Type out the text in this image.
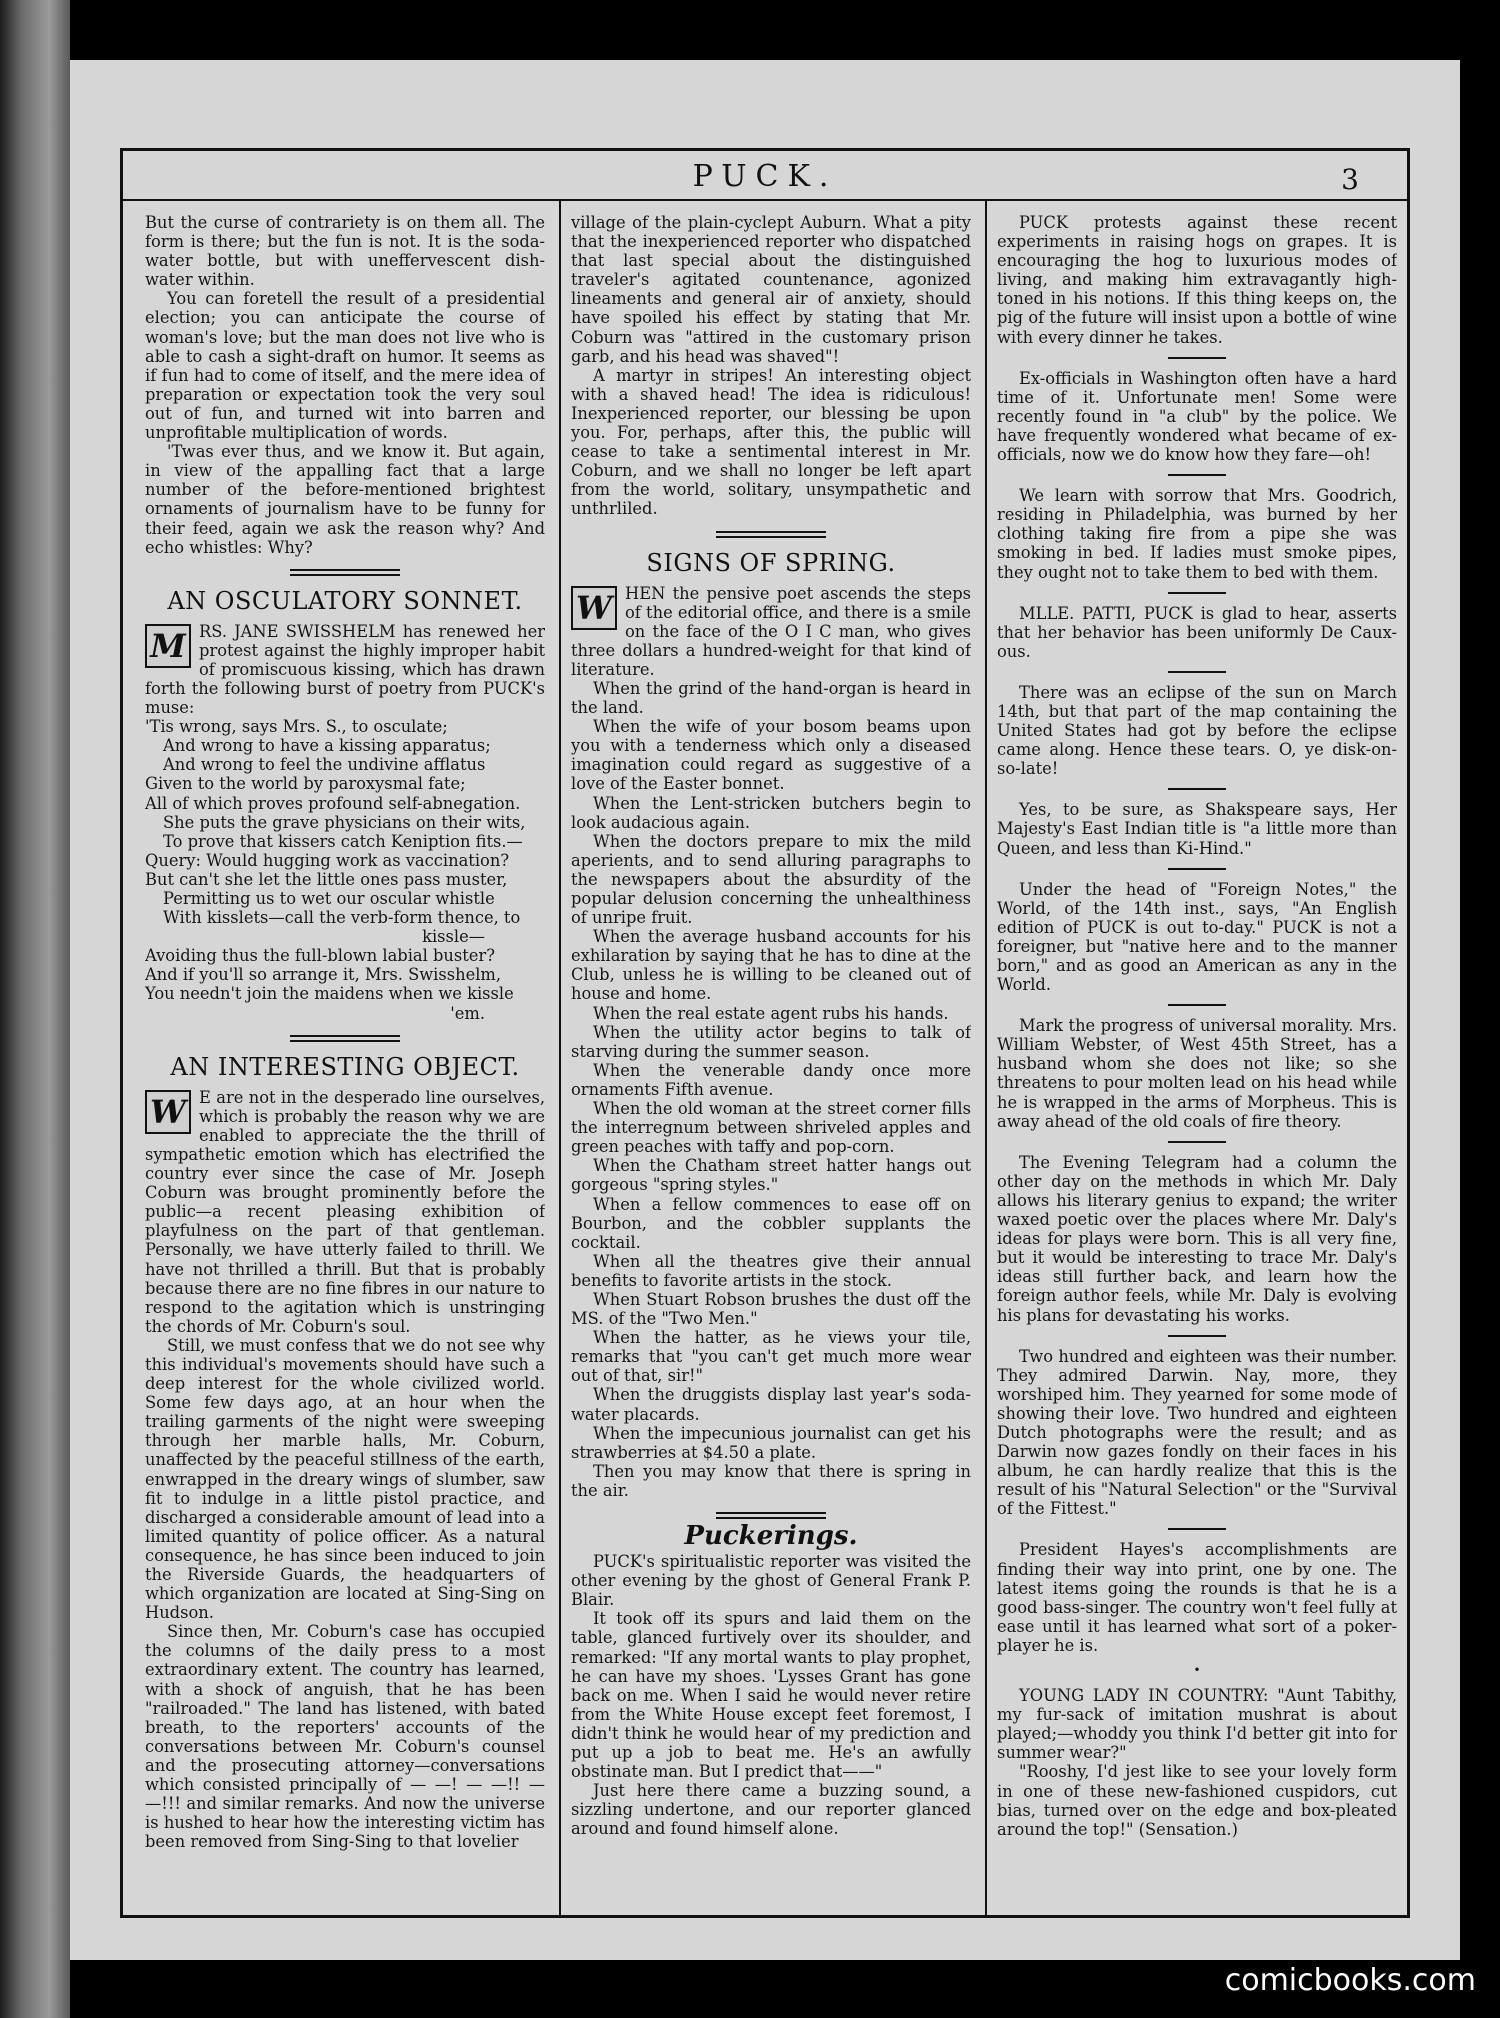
PUCK.	3

But the curse of contrariety is on them all. The form is there; but the fun is not. It is the soda-water bottle, but with uneffervescent dish-water within.

You can foretell the result of a presidential election; you can anticipate the course of woman's love; but the man does not live who is able to cash a sight-draft on humor. It seems as if fun had to come of itself, and the mere idea of preparation or expectation took the very soul out of fun, and turned wit into barren and unprofitable multiplication of words.

'Twas ever thus, and we know it. But again, in view of the appalling fact that a large number of the before-mentioned brightest ornaments of journalism have to be funny for their feed, again we ask the reason why? And echo whistles: Why?

AN OSCULATORY SONNET.
M RS. JANE SWISSHELM has renewed her protest against the highly improper habit of promiscuous kissing, which has drawn forth the following burst of poetry from PUCK's muse:

'Tis wrong, says Mrs. S., to osculate;

And wrong to have a kissing apparatus;

And wrong to feel the undivine afflatus

Given to the world by paroxysmal fate;

All of which proves profound self-abnegation.

She puts the grave physicians on their wits,

To prove that kissers catch Keniption fits.—

Query: Would hugging work as vaccination?

But can't she let the little ones pass muster,

Permitting us to wet our oscular whistle

With kisslets—call the verb-form thence, to

kissle—

Avoiding thus the full-blown labial buster?

And if you'll so arrange it, Mrs. Swisshelm,

You needn't join the maidens when we kissle

'em.

AN INTERESTING OBJECT.
W E are not in the desperado line ourselves, which is probably the reason why we are enabled to appreciate the the thrill of sympathetic emotion which has electrified the country ever since the case of Mr. Joseph Coburn was brought prominently before the public—a recent pleasing exhibition of playfulness on the part of that gentleman. Personally, we have utterly failed to thrill. We have not thrilled a thrill. But that is probably because there are no fine fibres in our nature to respond to the agitation which is unstringing the chords of Mr. Coburn's soul.

Still, we must confess that we do not see why this individual's movements should have such a deep interest for the whole civilized world. Some few days ago, at an hour when the trailing garments of the night were sweeping through her marble halls, Mr. Coburn, unaffected by the peaceful stillness of the earth, enwrapped in the dreary wings of slumber, saw fit to indulge in a little pistol practice, and discharged a considerable amount of lead into a limited quantity of police officer. As a natural consequence, he has since been induced to join the Riverside Guards, the headquarters of which organization are located at Sing-Sing on Hudson.

Since then, Mr. Coburn's case has occupied the columns of the daily press to a most extraordinary extent. The country has learned, with a shock of anguish, that he has been "railroaded." The land has listened, with bated breath, to the reporters' accounts of the conversations between Mr. Coburn's counsel and the prosecuting attorney—conversations which consisted principally of — —! — —!! — —!!! and similar remarks. And now the universe is hushed to hear how the interesting victim has been removed from Sing-Sing to that lovelier

village of the plain-cyclept Auburn. What a pity that the inexperienced reporter who dispatched that last special about the distinguished traveler's agitated countenance, agonized lineaments and general air of anxiety, should have spoiled his effect by stating that Mr. Coburn was "attired in the customary prison garb, and his head was shaved"!

A martyr in stripes! An interesting object with a shaved head! The idea is ridiculous! Inexperienced reporter, our blessing be upon you. For, perhaps, after this, the public will cease to take a sentimental interest in Mr. Coburn, and we shall no longer be left apart from the world, solitary, unsympathetic and unthrliled.

SIGNS OF SPRING.
W HEN the pensive poet ascends the steps of the editorial office, and there is a smile on the face of the O I C man, who gives three dollars a hundred-weight for that kind of literature.

When the grind of the hand-organ is heard in the land.

When the wife of your bosom beams upon you with a tenderness which only a diseased imagination could regard as suggestive of a love of the Easter bonnet.

When the Lent-stricken butchers begin to look audacious again.

When the doctors prepare to mix the mild aperients, and to send alluring paragraphs to the newspapers about the absurdity of the popular delusion concerning the unhealthiness of unripe fruit.

When the average husband accounts for his exhilaration by saying that he has to dine at the Club, unless he is willing to be cleaned out of house and home.

When the real estate agent rubs his hands.

When the utility actor begins to talk of starving during the summer season.

When the venerable dandy once more ornaments Fifth avenue.

When the old woman at the street corner fills the interregnum between shriveled apples and green peaches with taffy and pop-corn.

When the Chatham street hatter hangs out gorgeous "spring styles."

When a fellow commences to ease off on Bourbon, and the cobbler supplants the cocktail.

When all the theatres give their annual benefits to favorite artists in the stock.

When Stuart Robson brushes the dust off the MS. of the "Two Men."

When the hatter, as he views your tile, remarks that "you can't get much more wear out of that, sir!"

When the druggists display last year's soda-water placards.

When the impecunious journalist can get his strawberries at $4.50 a plate.

Then you may know that there is spring in the air.

Puckerings.

PUCK's spiritualistic reporter was visited the other evening by the ghost of General Frank P. Blair.

It took off its spurs and laid them on the table, glanced furtively over its shoulder, and remarked: "If any mortal wants to play prophet, he can have my shoes. 'Lysses Grant has gone back on me. When I said he would never retire from the White House except feet foremost, I didn't think he would hear of my prediction and put up a job to beat me. He's an awfully obstinate man. But I predict that——"

Just here there came a buzzing sound, a sizzling undertone, and our reporter glanced around and found himself alone.

PUCK protests against these recent experiments in raising hogs on grapes. It is encouraging the hog to luxurious modes of living, and making him extravagantly high-toned in his notions. If this thing keeps on, the pig of the future will insist upon a bottle of wine with every dinner he takes.

Ex-officials in Washington often have a hard time of it. Unfortunate men! Some were recently found in "a club" by the police. We have frequently wondered what became of ex-officials, now we do know how they fare—oh!

We learn with sorrow that Mrs. Goodrich, residing in Philadelphia, was burned by her clothing taking fire from a pipe she was smoking in bed. If ladies must smoke pipes, they ought not to take them to bed with them.

MLLE. PATTI, PUCK is glad to hear, asserts that her behavior has been uniformly De Caux-ous.

There was an eclipse of the sun on March 14th, but that part of the map containing the United States had got by before the eclipse came along. Hence these tears. O, ye disk-on-so-late!

Yes, to be sure, as Shakspeare says, Her Majesty's East Indian title is "a little more than Queen, and less than Ki-Hind."

Under the head of "Foreign Notes," the World, of the 14th inst., says, "An English edition of PUCK is out to-day." PUCK is not a foreigner, but "native here and to the manner born," and as good an American as any in the World.

Mark the progress of universal morality. Mrs. William Webster, of West 45th Street, has a husband whom she does not like; so she threatens to pour molten lead on his head while he is wrapped in the arms of Morpheus. This is away ahead of the old coals of fire theory.

The Evening Telegram had a column the other day on the methods in which Mr. Daly allows his literary genius to expand; the writer waxed poetic over the places where Mr. Daly's ideas for plays were born. This is all very fine, but it would be interesting to trace Mr. Daly's ideas still further back, and learn how the foreign author feels, while Mr. Daly is evolving his plans for devastating his works.

Two hundred and eighteen was their number. They admired Darwin. Nay, more, they worshiped him. They yearned for some mode of showing their love. Two hundred and eighteen Dutch photographs were the result; and as Darwin now gazes fondly on their faces in his album, he can hardly realize that this is the result of his "Natural Selection" or the "Survival of the Fittest."

President Hayes's accomplishments are finding their way into print, one by one. The latest items going the rounds is that he is a good bass-singer. The country won't feel fully at ease until it has learned what sort of a poker-player he is.

•

YOUNG LADY IN COUNTRY: "Aunt Tabithy, my fur-sack of imitation mushrat is about played;—whoddy you think I'd better git into for summer wear?"

"Rooshy, I'd jest like to see your lovely form in one of these new-fashioned cuspidors, cut bias, turned over on the edge and box-pleated around the top!" (Sensation.)

comicbooks.com
